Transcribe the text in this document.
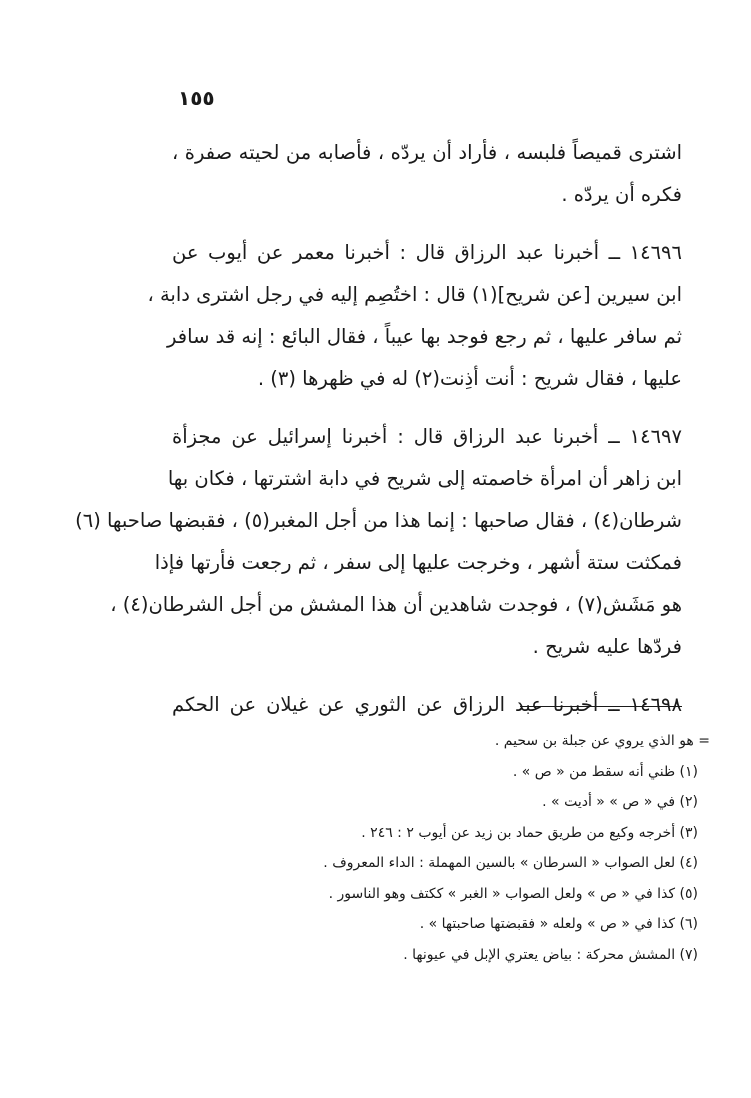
١٥٥
اشترى قميصاً فلبسه ، فأراد أن يردّه ، فأصابه من لحيته صفرة ،
فكره أن يردّه .
١٤٦٩٦ ــ أخبرنا عبد الرزاق قال : أخبرنا معمر عن أيوب عن
ابن سيرين [عن شريح](١) قال : اختُصِم إليه في رجل اشترى دابة ،
ثم سافر عليها ، ثم رجع فوجد بها عيباً ، فقال البائع : إنه قد سافر
عليها ، فقال شريح : أنت أذِنت(٢) له في ظهرها (٣) .
١٤٦٩٧ ــ أخبرنا عبد الرزاق قال : أخبرنا إسرائيل عن مجزأة
ابن زاهر أن امرأة خاصمته إلى شريح في دابة اشترتها ، فكان بها
شرطان(٤) ، فقال صاحبها : إنما هذا من أجل المغبر(٥) ، فقبضها صاحبها (٦)
فمكثت ستة أشهر ، وخرجت عليها إلى سفر ، ثم رجعت فأرتها فإذا
هو مَشَش(٧) ، فوجدت شاهدين أن هذا المشش من أجل الشرطان(٤) ،
فردّها عليه شريح .
١٤٦٩٨ ــ أخبرنا عبد الرزاق عن الثوري عن غيلان عن الحكم
= هو الذي يروي عن جبلة بن سحيم .
(١) ظني أنه سقط من « ص » .
(٢) في « ص » « أديت » .
(٣) أخرجه وكيع من طريق حماد بن زيد عن أيوب ٢ : ٢٤٦ .
(٤) لعل الصواب « السرطان » بالسين المهملة : الداء المعروف .
(٥) كذا في « ص » ولعل الصواب « الغبر » ككتف وهو الناسور .
(٦) كذا في « ص » ولعله « فقبضتها صاحبتها » .
(٧) المشش محركة : بياض يعتري الإبل في عيونها .
